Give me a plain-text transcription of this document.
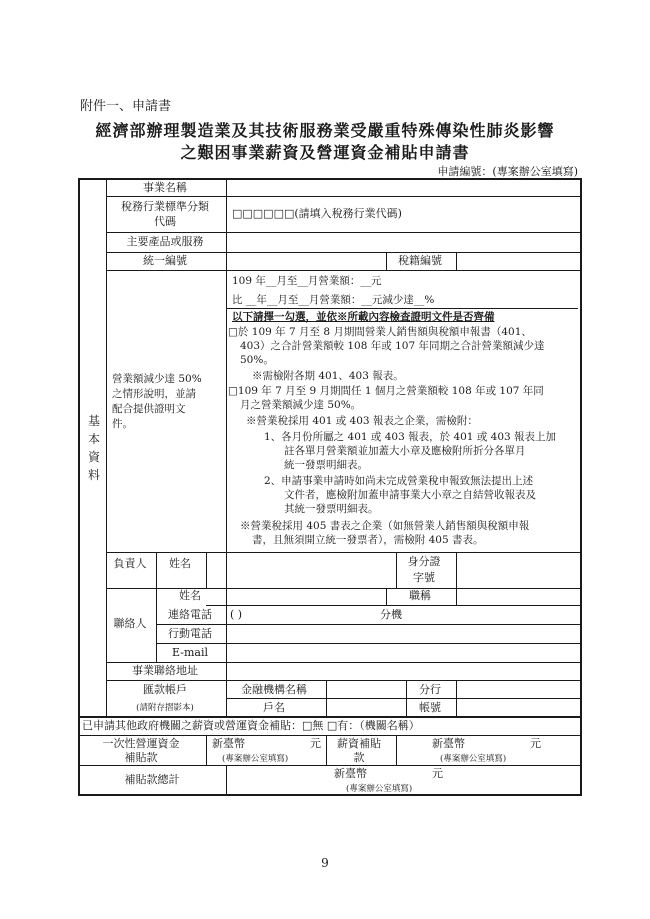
附件一、申請書
經濟部辦理製造業及其技術服務業受嚴重特殊傳染性肺炎影響
之艱困事業薪資及營運資金補貼申請書
申請編號：(專案辦公室填寫)
基
本
資
料
事業名稱
稅務行業標準分類
代碼
□□□□□□(請填入稅務行業代碼)
主要產品或服務
統一編號	稅籍編號
營業額減少達 50%
之情形說明，並請
配合提供證明文
件。
109 年__月至__月營業額：__元
比 __年__月至__月營業額：__元減少達__%
以下請擇一勾選，並依※所載內容檢查證明文件是否齊備
□於 109 年 7 月至 8 月期間營業人銷售額與稅額申報書（401、
403）之合計營業額較 108 年或 107 年同期之合計營業額減少達
50%。
※需檢附各期 401、403 報表。
□109 年 7 月至 9 月期間任 1 個月之營業額較 108 年或 107 年同
月之營業額減少達 50%。
※營業稅採用 401 或 403 報表之企業，需檢附：
1、各月份所屬之 401 或 403 報表，於 401 或 403 報表上加
註各單月營業額並加蓋大小章及應檢附所折分各單月
統一發票明細表。
2、申請事業申請時如尚未完成營業稅申報致無法提出上述
文件者，應檢附加蓋申請事業大小章之自結營收報表及
其統一發票明細表。
※營業稅採用 405 書表之企業（如無營業人銷售額與稅額申報
書，且無須開立統一發票者），需檢附 405 書表。
負責人	姓名	身分證
字號
聯絡人
姓名	職稱
連絡電話	( )	分機
行動電話
E-mail
事業聯絡地址
匯款帳戶
(請附存摺影本)
金融機構名稱	分行
戶名	帳號
已申請其他政府機關之薪資或營運資金補貼：□無 □有：（機關名稱）
一次性營運資金
補貼款
新臺幣	元
(專案辦公室填寫)
薪資補貼
款
新臺幣	元
(專案辦公室填寫)
補貼款總計	新臺幣	元
(專案辦公室填寫)
9
